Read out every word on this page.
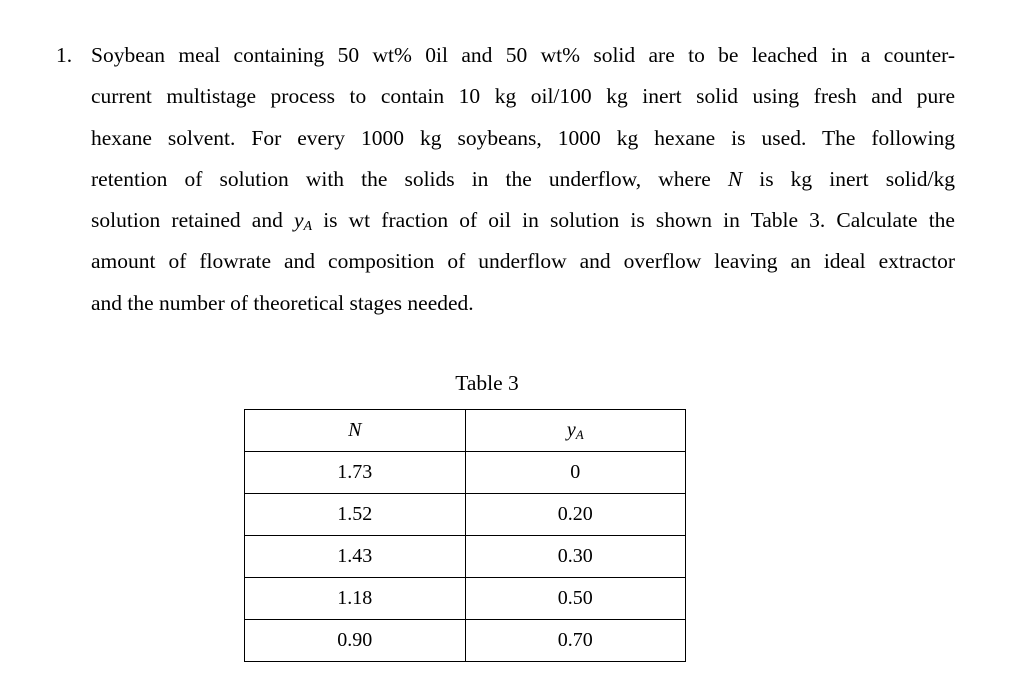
1. Soybean meal containing 50 wt% 0il and 50 wt% solid are to be leached in a counter-
current multistage process to contain 10 kg oil/100 kg inert solid using fresh and pure
hexane solvent. For every 1000 kg soybeans, 1000 kg hexane is used. The following
retention of solution with the solids in the underflow, where N is kg inert solid/kg
solution retained and $y_A$ is wt fraction of oil in solution is shown in Table 3. Calculate the
amount of flowrate and composition of underflow and overflow leaving an ideal extractor
and the number of theoretical stages needed.
Table 3
N	yA
1.73	0
1.52	0.20
1.43	0.30
1.18	0.50
0.90	0.70
